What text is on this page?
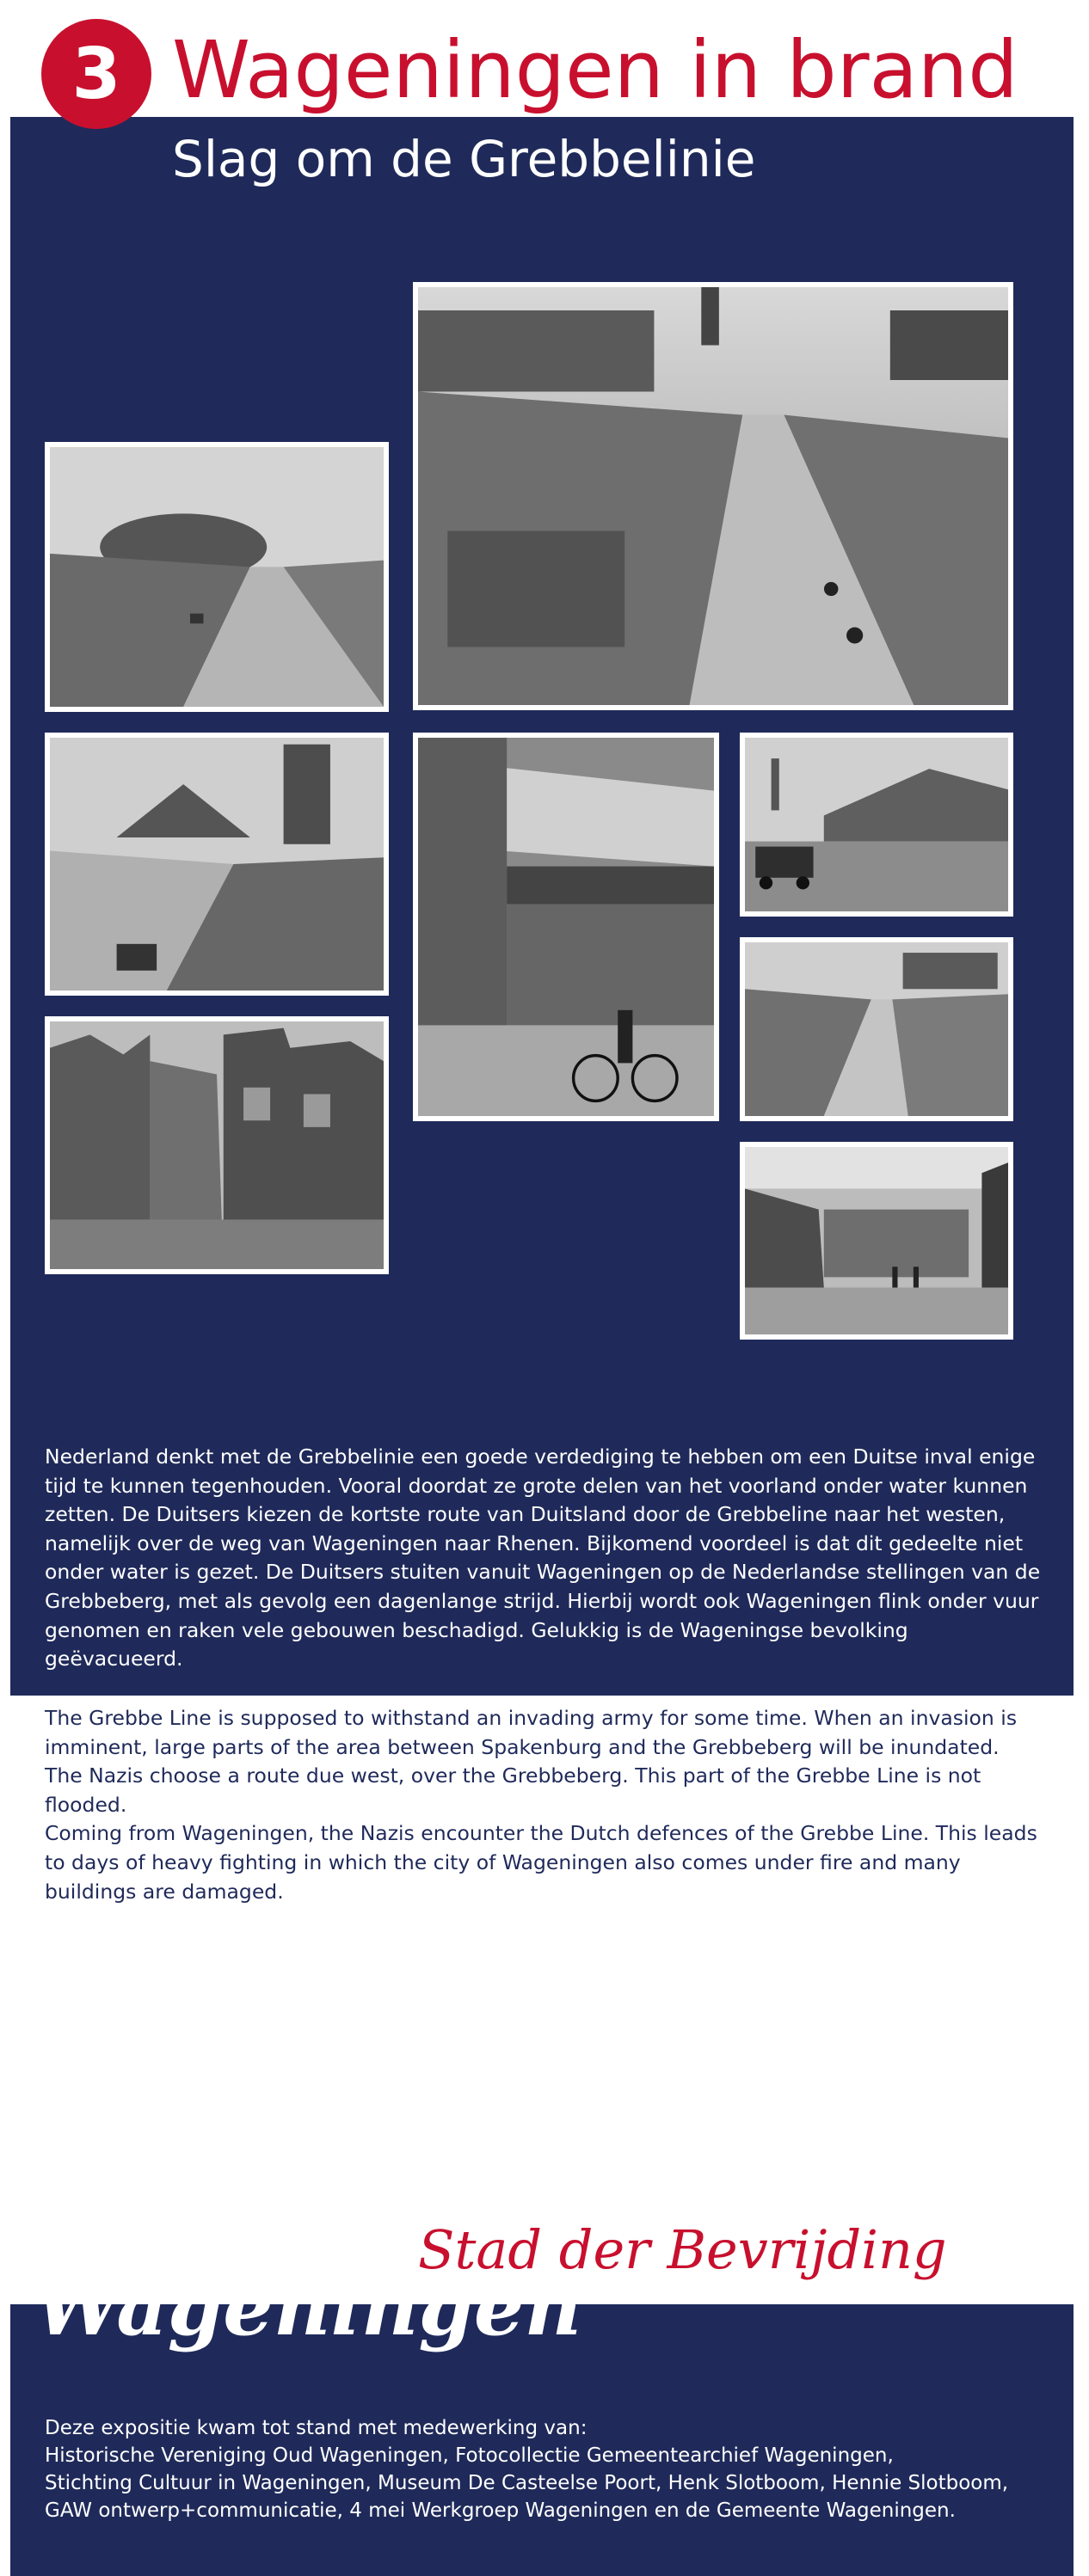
3 Wageningen in brand
Slag om de Grebbelinie

Nederland denkt met de Grebbelinie een goede verdediging te hebben om een Duitse inval enige tijd te kunnen tegenhouden. Vooral doordat ze grote delen van het voorland onder water kunnen zetten. De Duitsers kiezen de kortste route van Duitsland door de Grebbeline naar het westen, namelijk over de weg van Wageningen naar Rhenen. Bijkomend voordeel is dat dit gedeelte niet onder water is gezet. De Duitsers stuiten vanuit Wageningen op de Nederlandse stellingen van de Grebbeberg, met als gevolg een dagenlange strijd. Hierbij wordt ook Wageningen flink onder vuur genomen en raken vele gebouwen beschadigd. Gelukkig is de Wageningse bevolking geëvacueerd.

The Grebbe Line is supposed to withstand an invading army for some time. When an invasion is imminent, large parts of the area between Spakenburg and the Grebbeberg will be inundated. The Nazis choose a route due west, over the Grebbeberg. This part of the Grebbe Line is not flooded.
Coming from Wageningen, the Nazis encounter the Dutch defences of the Grebbe Line. This leads to days of heavy fighting in which the city of Wageningen also comes under fire and many buildings are damaged.

Stad der Bevrijding

Wageningen

Deze expositie kwam tot stand met medewerking van:

Historische Vereniging Oud Wageningen, Fotocollectie Gemeentearchief Wageningen,

Stichting Cultuur in Wageningen, Museum De Casteelse Poort, Henk Slotboom, Hennie Slotboom,

GAW ontwerp+communicatie, 4 mei Werkgroep Wageningen en de Gemeente Wageningen.
